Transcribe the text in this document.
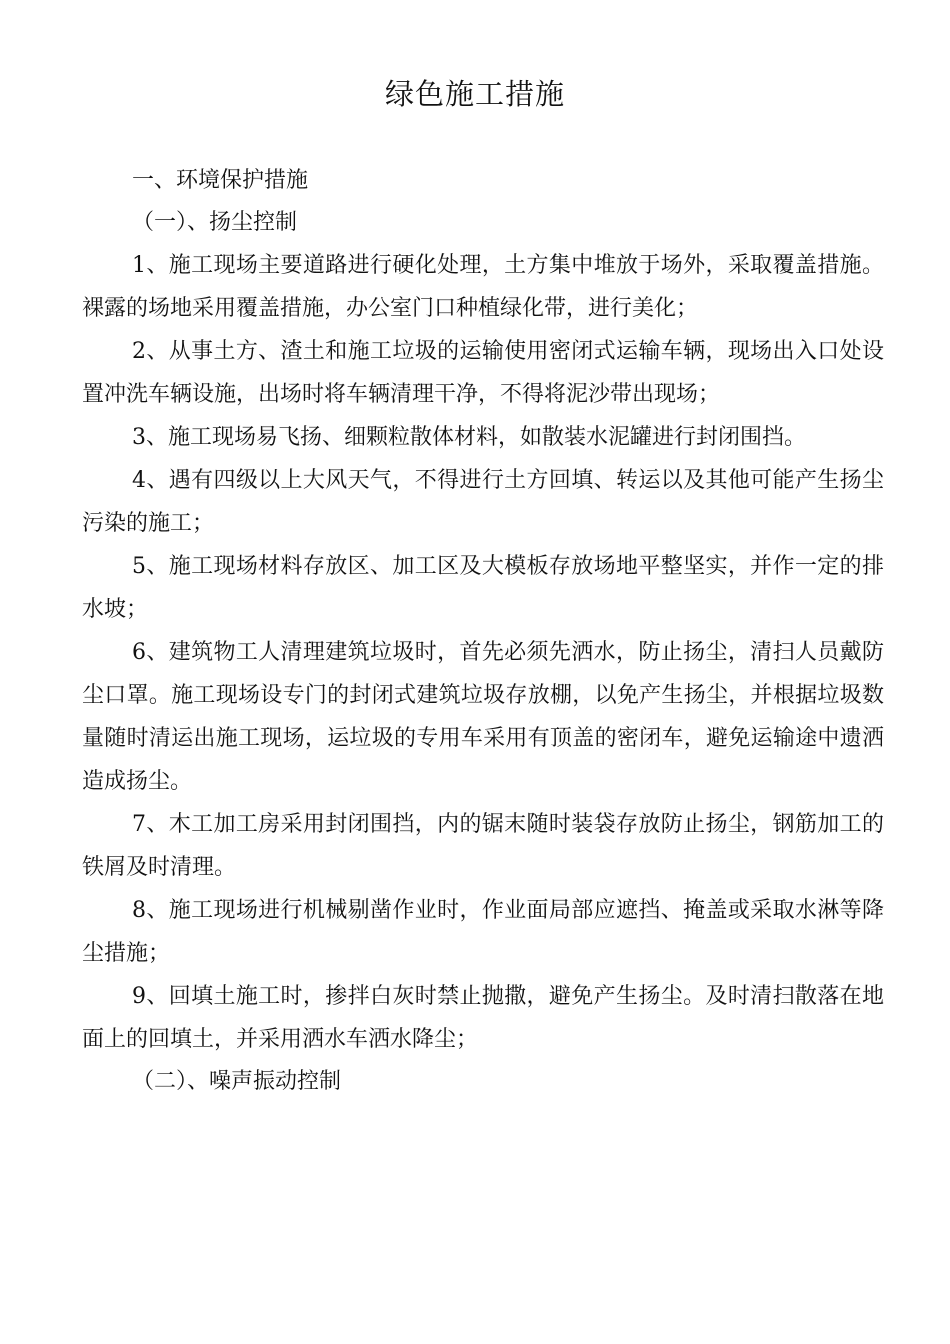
绿色施工措施

一、环境保护措施

（一）、扬尘控制

1、施工现场主要道路进行硬化处理，土方集中堆放于场外，采取覆盖措施。裸露的场地采用覆盖措施，办公室门口种植绿化带，进行美化；

2、从事土方、渣土和施工垃圾的运输使用密闭式运输车辆，现场出入口处设置冲洗车辆设施，出场时将车辆清理干净，不得将泥沙带出现场；

3、施工现场易飞扬、细颗粒散体材料，如散装水泥罐进行封闭围挡。

4、遇有四级以上大风天气，不得进行土方回填、转运以及其他可能产生扬尘污染的施工；

5、施工现场材料存放区、加工区及大模板存放场地平整坚实，并作一定的排水坡；

6、建筑物工人清理建筑垃圾时，首先必须先洒水，防止扬尘，清扫人员戴防尘口罩。施工现场设专门的封闭式建筑垃圾存放棚，以免产生扬尘，并根据垃圾数量随时清运出施工现场，运垃圾的专用车采用有顶盖的密闭车，避免运输途中遗洒造成扬尘。

7、木工加工房采用封闭围挡，内的锯末随时装袋存放防止扬尘，钢筋加工的铁屑及时清理。

8、施工现场进行机械剔凿作业时，作业面局部应遮挡、掩盖或采取水淋等降尘措施；

9、回填土施工时，掺拌白灰时禁止抛撒，避免产生扬尘。及时清扫散落在地面上的回填土，并采用洒水车洒水降尘；

（二）、噪声振动控制
